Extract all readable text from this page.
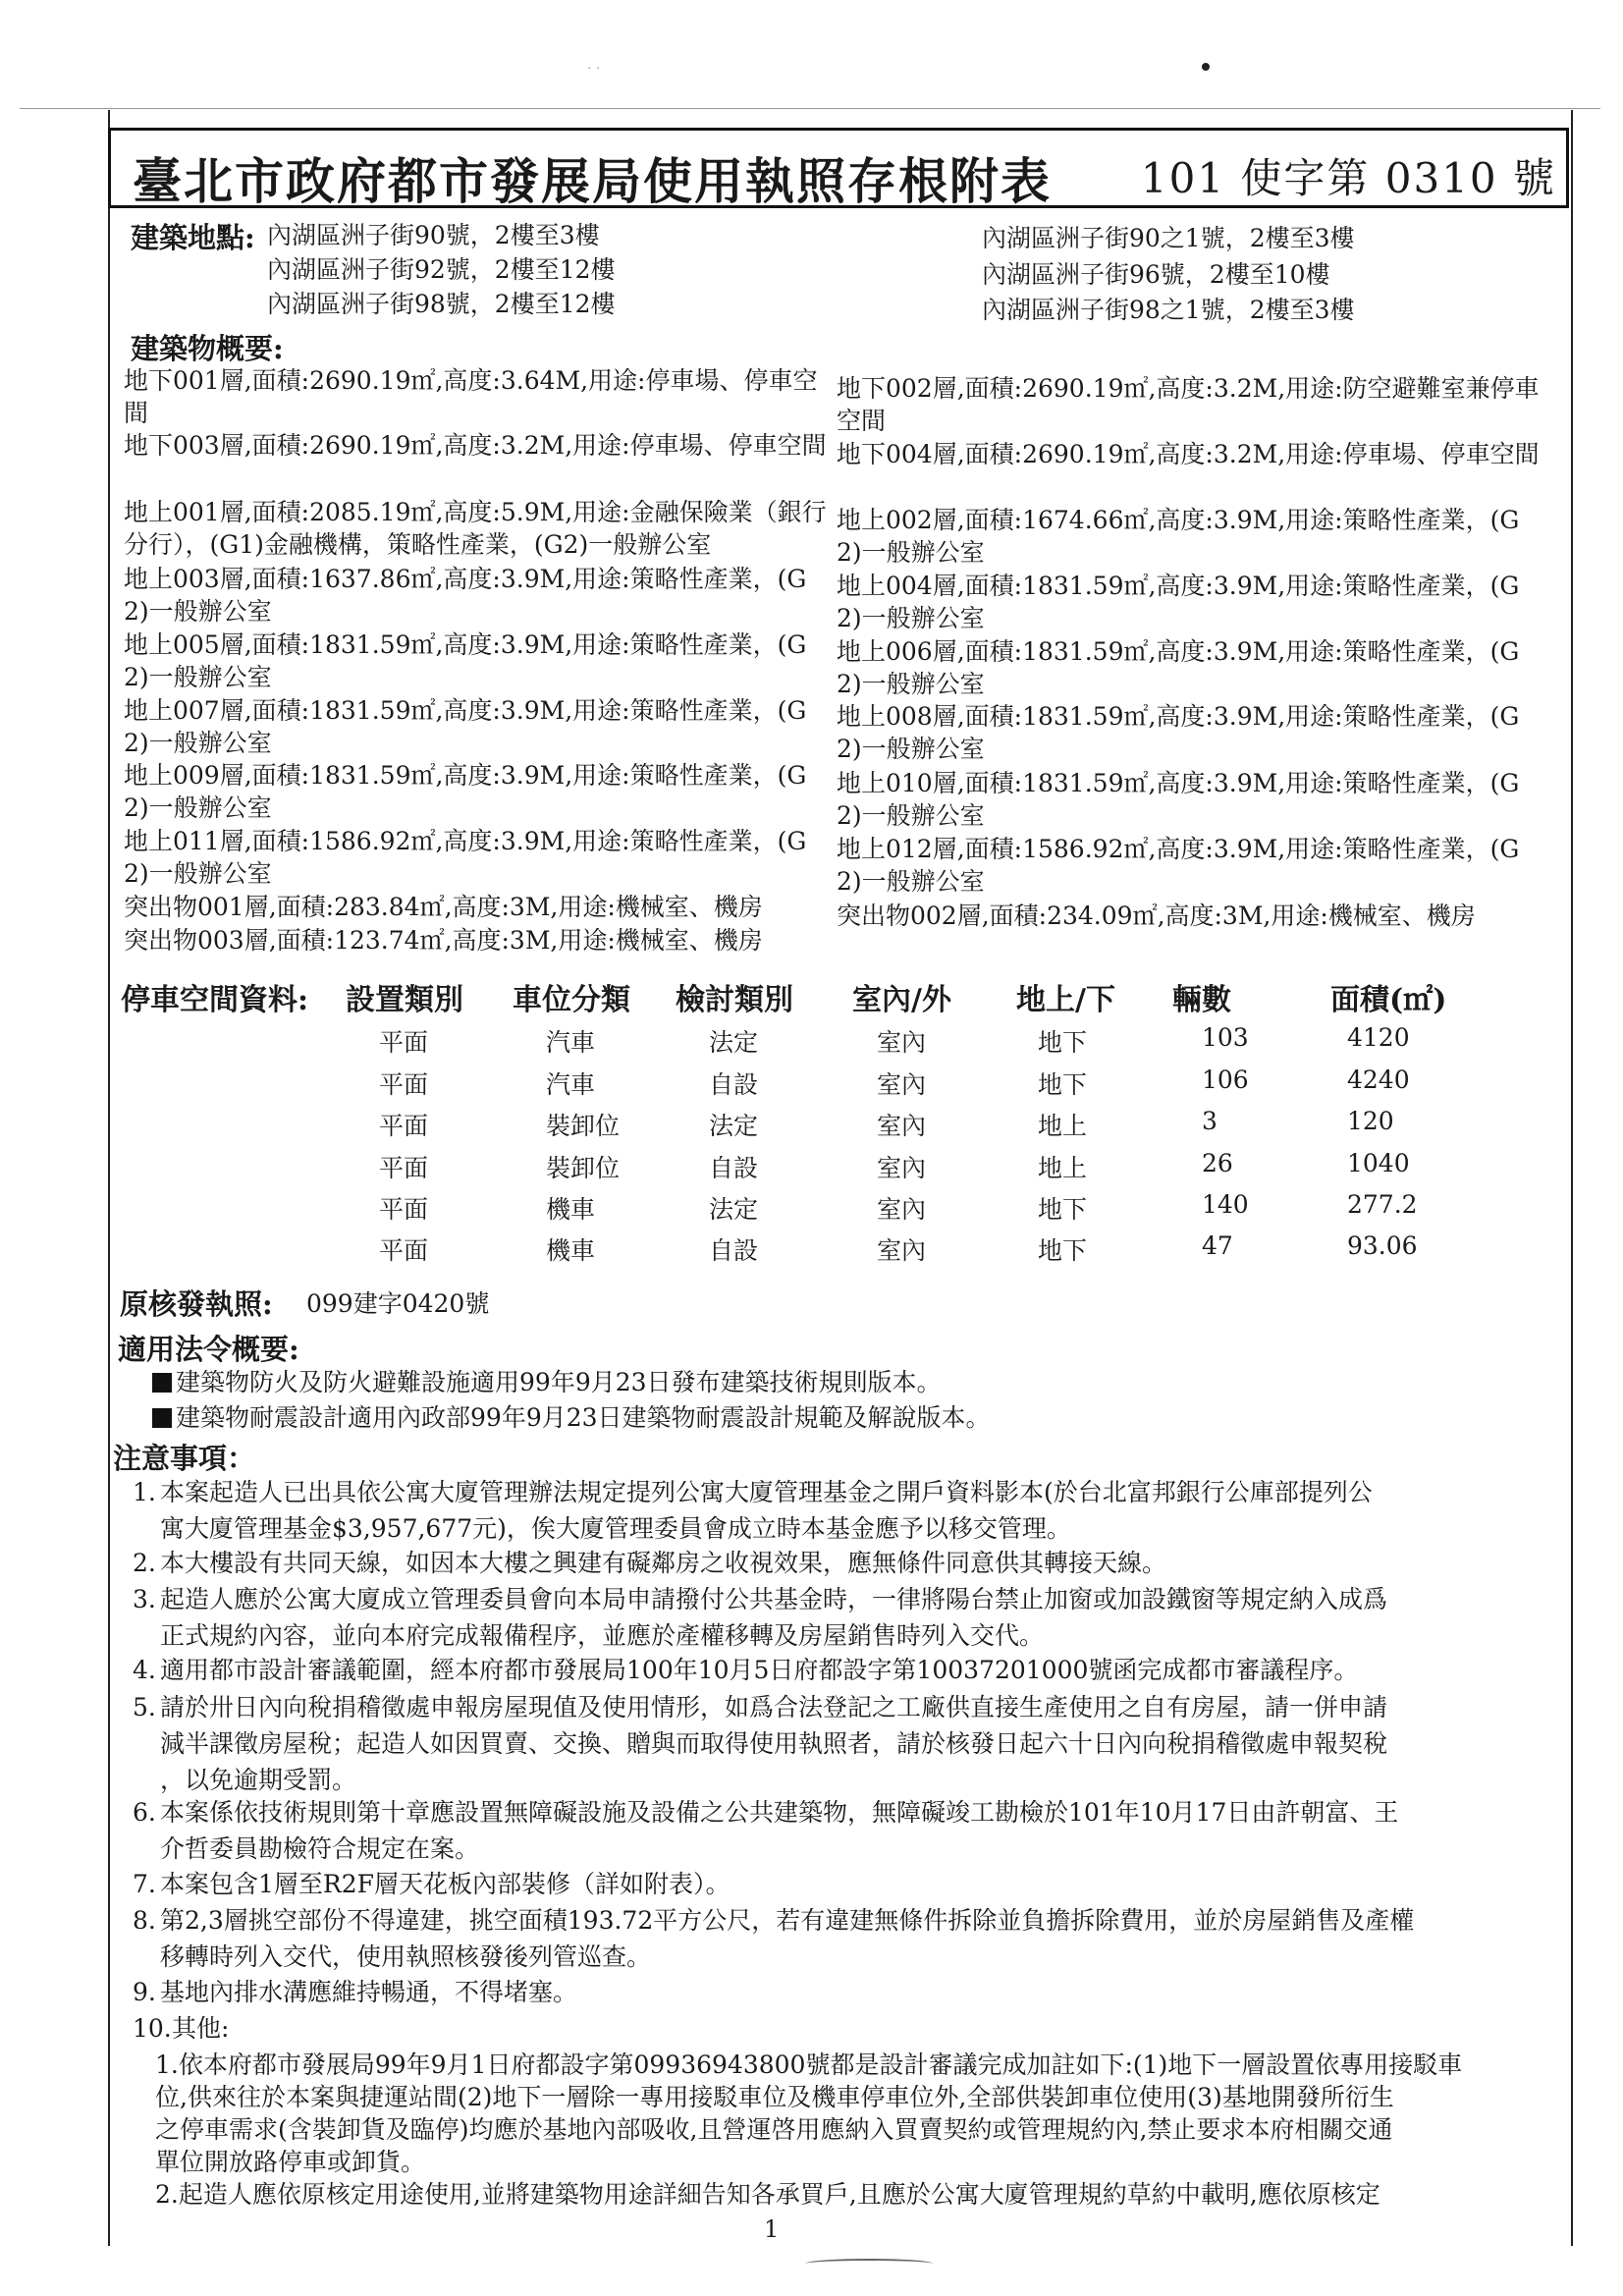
· ·
臺北市政府都市發展局使用執照存根附表 101 使字第 0310 號
建築地點: 內湖區洲子街90號，2樓至3樓
內湖區洲子街92號，2樓至12樓
內湖區洲子街98號，2樓至12樓
內湖區洲子街90之1號，2樓至3樓
內湖區洲子街96號，2樓至10樓
內湖區洲子街98之1號，2樓至3樓
建築物概要:
地下001層,面積:2690.19㎡,高度:3.64M,用途:停車場、停車空間
地下003層,面積:2690.19㎡,高度:3.2M,用途:停車場、停車空間
地上001層,面積:2085.19㎡,高度:5.9M,用途:金融保險業（銀行分行），(G1)金融機構，策略性產業，(G2)一般辦公室
地上003層,面積:1637.86㎡,高度:3.9M,用途:策略性產業，(G2)一般辦公室
地上005層,面積:1831.59㎡,高度:3.9M,用途:策略性產業，(G2)一般辦公室
地上007層,面積:1831.59㎡,高度:3.9M,用途:策略性產業，(G2)一般辦公室
地上009層,面積:1831.59㎡,高度:3.9M,用途:策略性產業，(G2)一般辦公室
地上011層,面積:1586.92㎡,高度:3.9M,用途:策略性產業，(G2)一般辦公室
突出物001層,面積:283.84㎡,高度:3M,用途:機械室、機房
突出物003層,面積:123.74㎡,高度:3M,用途:機械室、機房
地下002層,面積:2690.19㎡,高度:3.2M,用途:防空避難室兼停車空間
地下004層,面積:2690.19㎡,高度:3.2M,用途:停車場、停車空間
地上002層,面積:1674.66㎡,高度:3.9M,用途:策略性產業，(G2)一般辦公室
地上004層,面積:1831.59㎡,高度:3.9M,用途:策略性產業，(G2)一般辦公室
地上006層,面積:1831.59㎡,高度:3.9M,用途:策略性產業，(G2)一般辦公室
地上008層,面積:1831.59㎡,高度:3.9M,用途:策略性產業，(G2)一般辦公室
地上010層,面積:1831.59㎡,高度:3.9M,用途:策略性產業，(G2)一般辦公室
地上012層,面積:1586.92㎡,高度:3.9M,用途:策略性產業，(G2)一般辦公室
突出物002層,面積:234.09㎡,高度:3M,用途:機械室、機房
停車空間資料: 設置類別 車位分類 檢討類別 室內/外 地上/下 輛數	面積(㎡)
平面	汽車	法定	室內	地下	103	4120
平面	汽車	自設	室內	地下	106	4240
平面	裝卸位	法定	室內	地上	3	120
平面	裝卸位	自設	室內	地上	26	1040
平面	機車	法定	室內	地下	140	277.2
平面	機車	自設	室內	地下	47	93.06
原核發執照: 099建字0420號
適用法令概要:
建築物防火及防火避難設施適用99年9月23日發布建築技術規則版本。
建築物耐震設計適用內政部99年9月23日建築物耐震設計規範及解說版本。
注意事項：
1. 本案起造人已出具依公寓大廈管理辦法規定提列公寓大廈管理基金之開戶資料影本(於台北富邦銀行公庫部提列公
寓大廈管理基金$3,957,677元)，俟大廈管理委員會成立時本基金應予以移交管理。
2. 本大樓設有共同天線，如因本大樓之興建有礙鄰房之收視效果，應無條件同意供其轉接天線。
3. 起造人應於公寓大廈成立管理委員會向本局申請撥付公共基金時，一律將陽台禁止加窗或加設鐵窗等規定納入成爲
正式規約內容，並向本府完成報備程序，並應於產權移轉及房屋銷售時列入交代。
4. 適用都市設計審議範圍，經本府都市發展局100年10月5日府都設字第10037201000號函完成都市審議程序。
5. 請於卅日內向稅捐稽徵處申報房屋現值及使用情形，如爲合法登記之工廠供直接生產使用之自有房屋，請一併申請
減半課徵房屋稅；起造人如因買賣、交換、贈與而取得使用執照者，請於核發日起六十日內向稅捐稽徵處申報契稅
，以免逾期受罰。
6. 本案係依技術規則第十章應設置無障礙設施及設備之公共建築物，無障礙竣工勘檢於101年10月17日由許朝富、王
介哲委員勘檢符合規定在案。
7. 本案包含1層至R2F層天花板內部裝修（詳如附表）。
8. 第2,3層挑空部份不得違建，挑空面積193.72平方公尺，若有違建無條件拆除並負擔拆除費用，並於房屋銷售及產權
移轉時列入交代，使用執照核發後列管巡查。
9. 基地內排水溝應維持暢通，不得堵塞。
10. 其他:
1.依本府都市發展局99年9月1日府都設字第09936943800號都是設計審議完成加註如下:(1)地下一層設置依專用接駁車
位,供來往於本案與捷運站間(2)地下一層除一專用接駁車位及機車停車位外,全部供裝卸車位使用(3)基地開發所衍生
之停車需求(含裝卸貨及臨停)均應於基地內部吸收,且營運啓用應納入買賣契約或管理規約內,禁止要求本府相關交通
單位開放路停車或卸貨。
2.起造人應依原核定用途使用,並將建築物用途詳細告知各承買戶,且應於公寓大廈管理規約草約中載明,應依原核定
1
